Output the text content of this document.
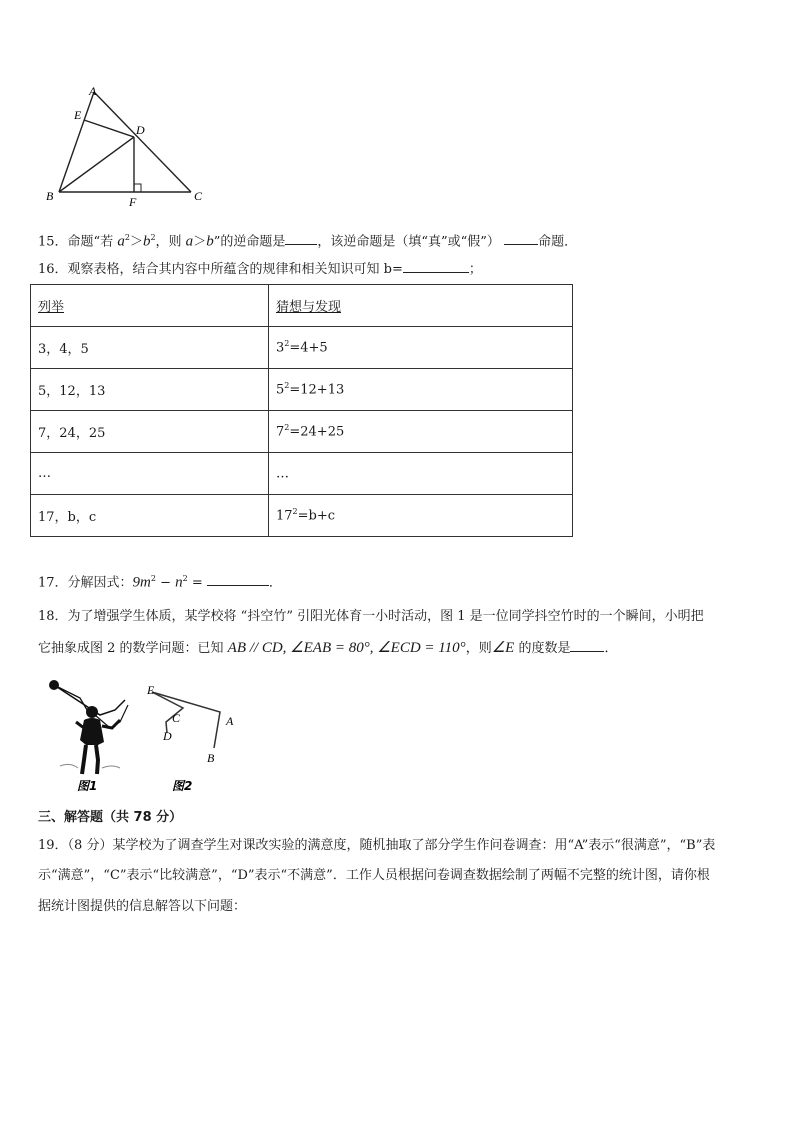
A
E
D
B	F	C
15．命题“若 $a^2>b^2$，则 a＞b”的逆命题是 ，该逆命题是（填“真”或“假”）	命题．
16．观察表格，结合其内容中所蕴含的规律和相关知识可知 b=	；
列举	猜想与发现
3，4，5	$3^2=4+5$
5，12，13	$5^2=12+13$
7，24，25	$7^2=24+25$
…	…
17，b，c	$17^2=b+c$
17．分解因式：$9m^2 - n^2$ =	．
18．为了增强学生体质，某学校将 “抖空竹” 引阳光体育一小时活动，图 1 是一位同学抖空竹时的一个瞬间，小明把
它抽象成图 2 的数学问题：已知 AB // CD, ∠EAB = 80°, ∠ECD = 110°，则∠E 的度数是	．
图1
E
C
D
A
B
图2
三、解答题（共 78 分）
19．（8 分）某学校为了调查学生对课改实验的满意度，随机抽取了部分学生作问卷调查：用“A”表示“很满意”，“B”表
示“满意”，“C”表示“比较满意”，“D”表示“不满意”．工作人员根据问卷调查数据绘制了两幅不完整的统计图，请你根
据统计图提供的信息解答以下问题：
